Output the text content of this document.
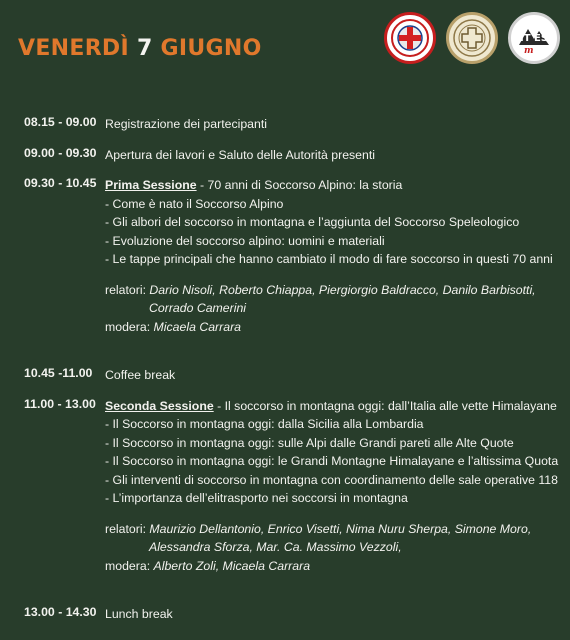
VENERDÌ 7 GIUGNO	IT ES
m
08.15 - 09.00 Registrazione dei partecipanti
09.00 - 09.30 Apertura dei lavori e Saluto delle Autorità presenti
09.30 - 10.45 Prima Sessione - 70 anni di Soccorso Alpino: la storia
- Come è nato il Soccorso Alpino
- Gli albori del soccorso in montagna e l’aggiunta del Soccorso Speleologico
- Evoluzione del soccorso alpino: uomini e materiali
- Le tappe principali che hanno cambiato il modo di fare soccorso in questi 70 anni
relatori: Dario Nisoli, Roberto Chiappa, Piergiorgio Baldracco, Danilo Barbisotti,
Corrado Camerini
modera: Micaela Carrara
10.45 -11.00 Coffee break
11.00 - 13.00 Seconda Sessione - Il soccorso in montagna oggi: dall’Italia alle vette Himalayane
- Il Soccorso in montagna oggi: dalla Sicilia alla Lombardia
- Il Soccorso in montagna oggi: sulle Alpi dalle Grandi pareti alle Alte Quote
- Il Soccorso in montagna oggi: le Grandi Montagne Himalayane e l’altissima Quota
- Gli interventi di soccorso in montagna con coordinamento delle sale operative 118
- L’importanza dell’elitrasporto nei soccorsi in montagna
relatori: Maurizio Dellantonio, Enrico Visetti, Nima Nuru Sherpa, Simone Moro,
Alessandra Sforza, Mar. Ca. Massimo Vezzoli,
modera: Alberto Zoli, Micaela Carrara
13.00 - 14.30 Lunch break
